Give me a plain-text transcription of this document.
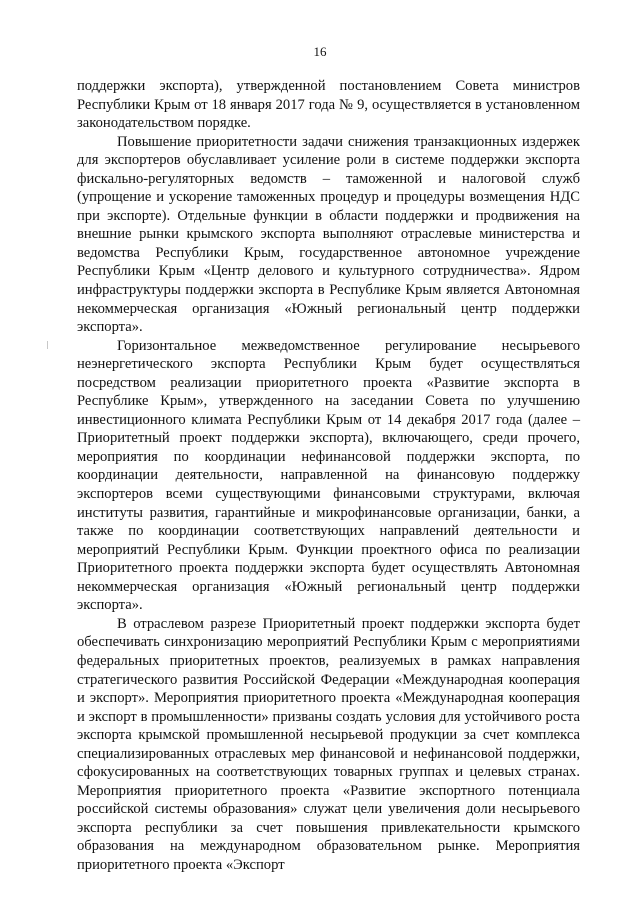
16

поддержки экспорта), утвержденной постановлением Совета министров Республики Крым от 18 января 2017 года № 9, осуществляется в установленном законодательством порядке.

Повышение приоритетности задачи снижения транзакционных издержек для экспортеров обуславливает усиление роли в системе поддержки экспорта фискально-регуляторных ведомств – таможенной и налоговой служб (упрощение и ускорение таможенных процедур и процедуры возмещения НДС при экспорте). Отдельные функции в области поддержки и продвижения на внешние рынки крымского экспорта выполняют отраслевые министерства и ведомства Республики Крым, государственное автономное учреждение Республики Крым «Центр делового и культурного сотрудничества». Ядром инфраструктуры поддержки экспорта в Республике Крым является Автономная некоммерческая организация «Южный региональный центр поддержки экспорта».

Горизонтальное межведомственное регулирование несырьевого неэнергетического экспорта Республики Крым будет осуществляться посредством реализации приоритетного проекта «Развитие экспорта в Республике Крым», утвержденного на заседании Совета по улучшению инвестиционного климата Республики Крым от 14 декабря 2017 года (далее – Приоритетный проект поддержки экспорта), включающего, среди прочего, мероприятия по координации нефинансовой поддержки экспорта, по координации деятельности, направленной на финансовую поддержку экспортеров всеми существующими финансовыми структурами, включая институты развития, гарантийные и микрофинансовые организации, банки, а также по координации соответствующих направлений деятельности и мероприятий Республики Крым. Функции проектного офиса по реализации Приоритетного проекта поддержки экспорта будет осуществлять Автономная некоммерческая организация «Южный региональный центр поддержки экспорта».

В отраслевом разрезе Приоритетный проект поддержки экспорта будет обеспечивать синхронизацию мероприятий Республики Крым с мероприятиями федеральных приоритетных проектов, реализуемых в рамках направления стратегического развития Российской Федерации «Международная кооперация и экспорт». Мероприятия приоритетного проекта «Международная кооперация и экспорт в промышленности» призваны создать условия для устойчивого роста экспорта крымской промышленной несырьевой продукции за счет комплекса специализированных отраслевых мер финансовой и нефинансовой поддержки, сфокусированных на соответствующих товарных группах и целевых странах. Мероприятия приоритетного проекта «Развитие экспортного потенциала российской системы образования» служат цели увеличения доли несырьевого экспорта республики за счет повышения привлекательности крымского образования на международном образовательном рынке. Мероприятия приоритетного проекта «Экспорт
